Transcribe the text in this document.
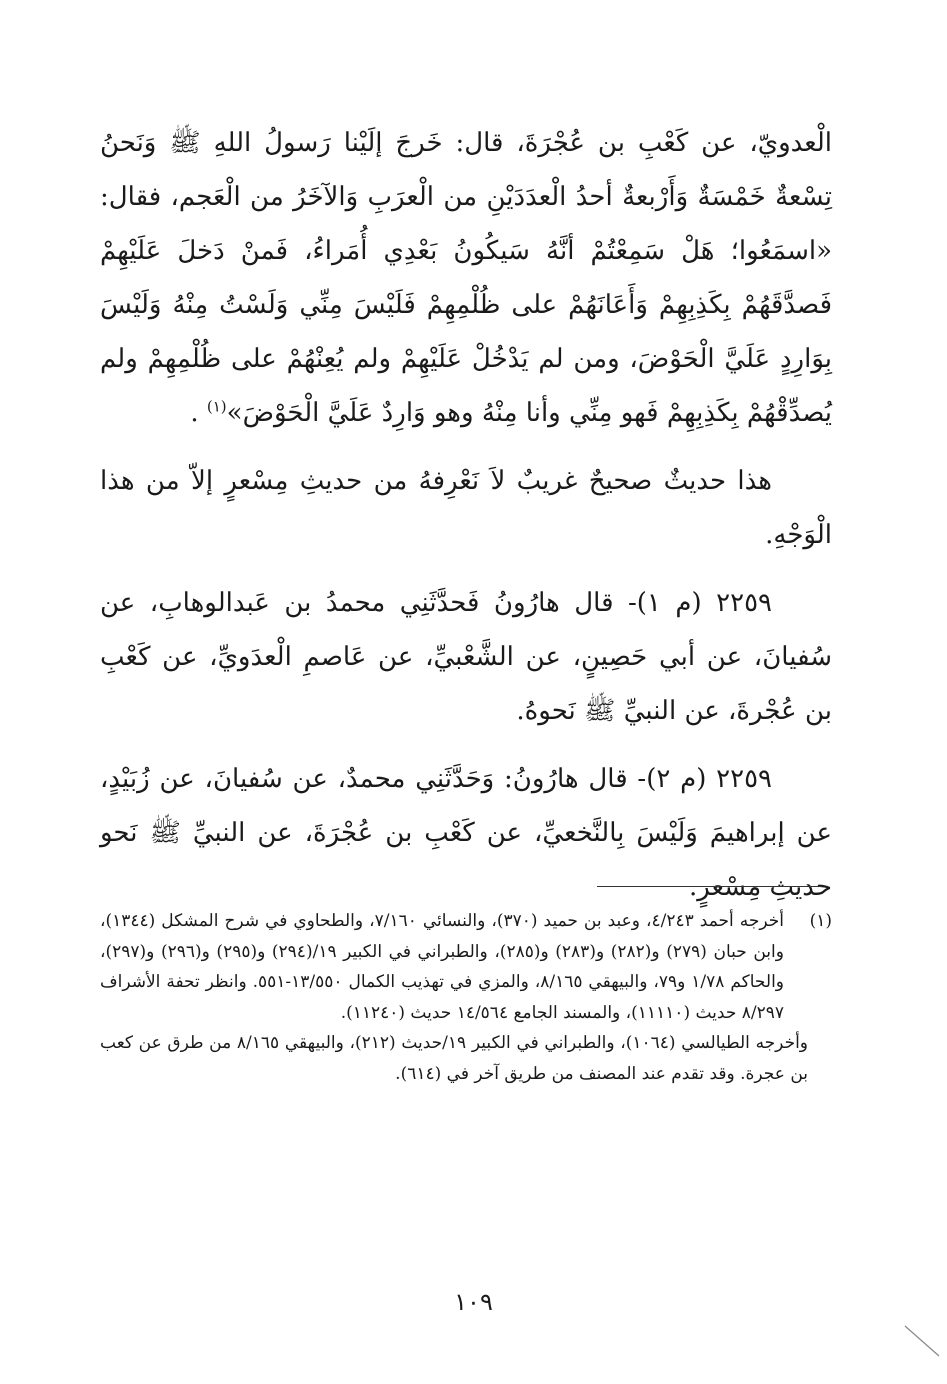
الْعدويّ، عن كَعْبِ بن عُجْرَةَ، قال: خَرجَ إلَيْنا رَسولُ اللهِ ﷺ وَنَحنُ تِسْعةٌ خَمْسَةٌ وَأَرْبعةٌ أحدُ الْعدَدَيْنِ من الْعرَبِ وَالآخَرُ من الْعَجم، فقال: «اسمَعُوا؛ هَلْ سَمِعْتُمْ أنَّهُ سَيكُونُ بَعْدِي أُمَراءُ، فَمنْ دَخلَ عَلَيْهِمْ فَصدَّقَهُمْ بِكَذِبِهِمْ وَأَعَانَهُمْ على ظُلْمِهِمْ فَلَيْسَ مِنِّي وَلَسْتُ مِنْهُ وَلَيْسَ بِوَارِدٍ عَلَيَّ الْحَوْضَ، ومن لم يَدْخُلْ عَلَيْهِمْ ولم يُعِنْهُمْ على ظُلْمِهِمْ ولم يُصدِّقْهُمْ بِكَذِبِهِمْ فَهو مِنِّي وأنا مِنْهُ وهو وَارِدٌ عَلَيَّ الْحَوْضَ»$^{(١)}$ .

هذا حديثٌ صحيحٌ غريبٌ لاَ نَعْرِفهُ من حديثِ مِسْعرٍ إلاّ من هذا الْوَجْهِ.

٢٢٥٩ (م ١)- قال هارُونُ فَحدَّثَنِي محمدُ بن عَبدالوهابِ، عن سُفيانَ، عن أبي حَصِينٍ، عن الشَّعْبيِّ، عن عَاصمِ الْعدَويِّ، عن كَعْبِ بن عُجْرةَ، عن النبيِّ ﷺ نَحوهُ.

٢٢٥٩ (م ٢)- قال هارُونُ: وَحَدَّثَنِي محمدٌ، عن سُفيانَ، عن زُبَيْدٍ، عن إبراهيمَ وَلَيْسَ بِالنَّخعيِّ، عن كَعْبِ بن عُجْرَةَ، عن النبيِّ ﷺ نَحو حديثِ مِسْعرٍ.

(١)
أخرجه أحمد ٤/٢٤٣، وعبد بن حميد (٣٧٠)، والنسائي ٧/١٦٠، والطحاوي في شرح المشكل (١٣٤٤)، وابن حبان (٢٧٩) و(٢٨٢) و(٢٨٣) و(٢٨٥)، والطبراني في الكبير ١٩/(٢٩٤) و(٢٩٥) و(٢٩٦) و(٢٩٧)، والحاكم ١/٧٨ و٧٩، والبيهقي ٨/١٦٥، والمزي في تهذيب الكمال ١٣/٥٥٠-٥٥١. وانظر تحفة الأشراف ٨/٢٩٧ حديث (١١١١٠)، والمسند الجامع ١٤/٥٦٤ حديث (١١٢٤٠).

وأخرجه الطيالسي (١٠٦٤)، والطبراني في الكبير ١٩/حديث (٢١٢)، والبيهقي ٨/١٦٥ من طرق عن كعب بن عجرة. وقد تقدم عند المصنف من طريق آخر في (٦١٤).

١٠٩
